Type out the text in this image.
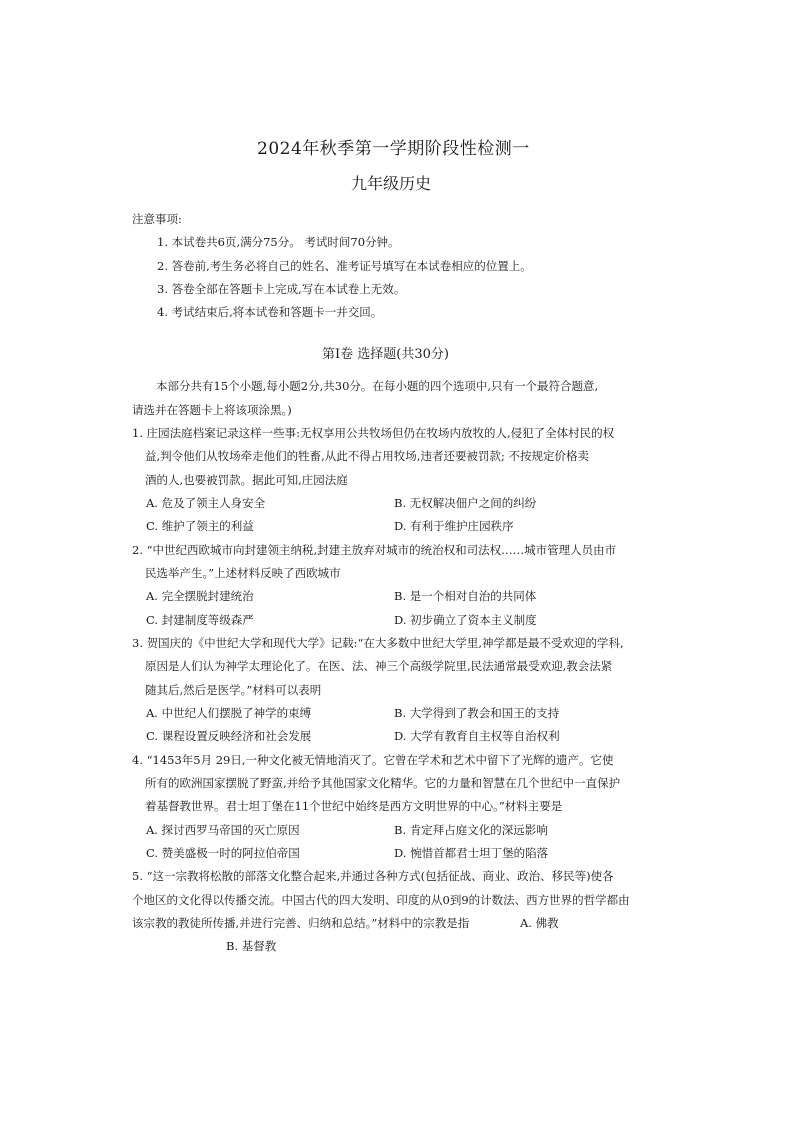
2024年秋季第一学期阶段性检测一
九年级历史
注意事项:
1. 本试卷共6页,满分75分。 考试时间70分钟。
2. 答卷前,考生务必将自己的姓名、准考证号填写在本试卷相应的位置上。
3. 答卷全部在答题卡上完成,写在本试卷上无效。
4. 考试结束后,将本试卷和答题卡一并交回。
第Ⅰ卷 选择题(共30分)
本部分共有15个小题,每小题2分,共30分。在每小题的四个选项中,只有一个最符合题意,
请选并在答题卡上将该项涂黑。)
1. 庄园法庭档案记录这样一些事:无权享用公共牧场但仍在牧场内放牧的人,侵犯了全体村民的权
益,判令他们从牧场牵走他们的牲畜,从此不得占用牧场,违者还要被罚款; 不按规定价格卖
酒的人,也要被罚款。据此可知,庄园法庭
A. 危及了领主人身安全	B. 无权解决佃户之间的纠纷
C. 维护了领主的利益	D. 有利于维护庄园秩序
2. “中世纪西欧城市向封建领主纳税,封建主放弃对城市的统治权和司法权……城市管理人员由市
民选举产生。”上述材料反映了西欧城市
A. 完全摆脱封建统治	B. 是一个相对自治的共同体
C. 封建制度等级森严	D. 初步确立了资本主义制度
3. 贺国庆的《中世纪大学和现代大学》记载:“在大多数中世纪大学里,神学都是最不受欢迎的学科,
原因是人们认为神学太理论化了。在医、法、神三个高级学院里,民法通常最受欢迎,教会法紧
随其后,然后是医学。”材料可以表明
A. 中世纪人们摆脱了神学的束缚	B. 大学得到了教会和国王的支持
C. 课程设置反映经济和社会发展	D. 大学有教育自主权等自治权利
4. “1453年5月 29日,一种文化被无情地消灭了。它曾在学术和艺术中留下了光辉的遗产。它使
所有的欧洲国家摆脱了野蛮,并给予其他国家文化精华。它的力量和智慧在几个世纪中一直保护
着基督教世界。君士坦丁堡在11个世纪中始终是西方文明世界的中心。”材料主要是
A. 探讨西罗马帝国的灭亡原因	B. 肯定拜占庭文化的深远影响
C. 赞美盛极一时的阿拉伯帝国	D. 惋惜首都君士坦丁堡的陷落
5. “这一宗教将松散的部落文化整合起来,并通过各种方式(包括征战、商业、政治、移民等)使各
个地区的文化得以传播交流。中国古代的四大发明、印度的从0到9的计数法、西方世界的哲学都由
该宗教的教徒所传播,并进行完善、归纳和总结。”材料中的宗教是指	A. 佛教
B. 基督教
